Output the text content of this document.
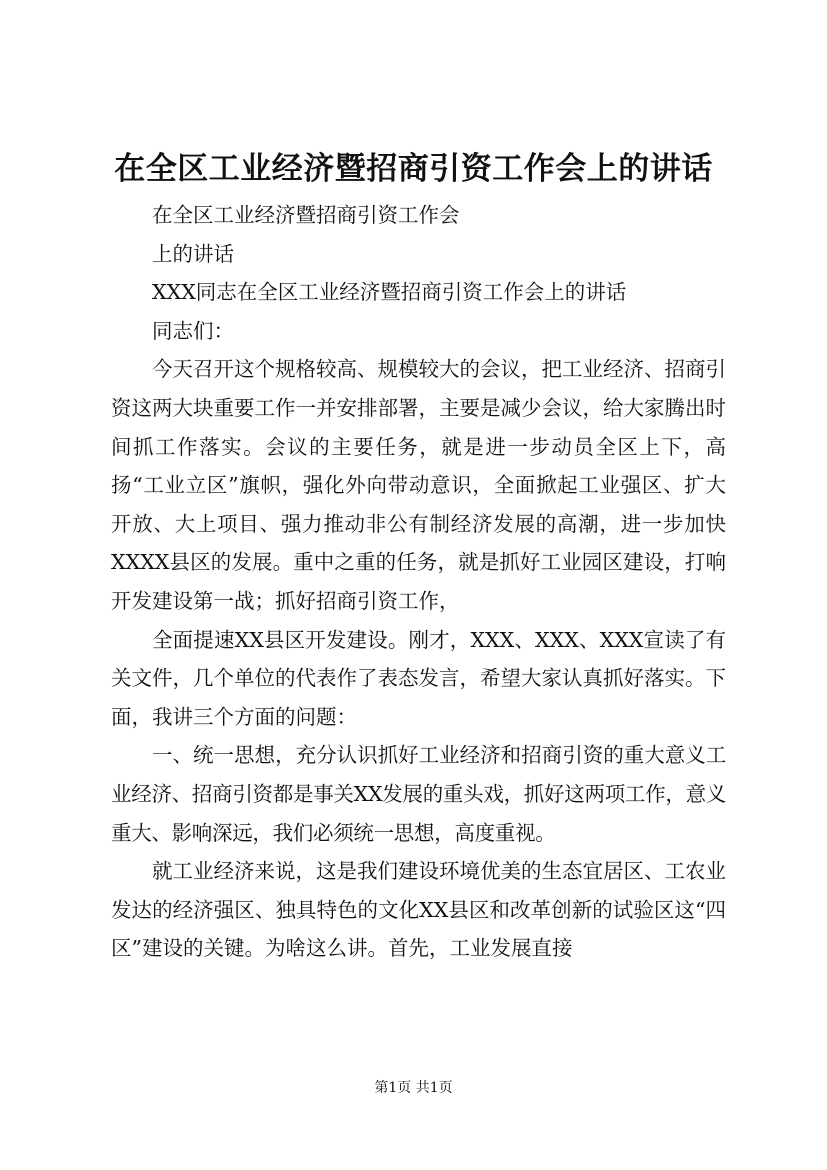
在全区工业经济暨招商引资工作会上的讲话

在全区工业经济暨招商引资工作会

上的讲话

XXX同志在全区工业经济暨招商引资工作会上的讲话

同志们：

今天召开这个规格较高、规模较大的会议，把工业经济、招商引资这两大块重要工作一并安排部署，主要是减少会议，给大家腾出时间抓工作落实。会议的主要任务，就是进一步动员全区上下，高扬“工业立区”旗帜，强化外向带动意识，全面掀起工业强区、扩大开放、大上项目、强力推动非公有制经济发展的高潮，进一步加快XXXX县区的发展。重中之重的任务，就是抓好工业园区建设，打响开发建设第一战；抓好招商引资工作，

全面提速XX县区开发建设。刚才，XXX、XXX、XXX宣读了有关文件，几个单位的代表作了表态发言，希望大家认真抓好落实。下面，我讲三个方面的问题：

一、统一思想，充分认识抓好工业经济和招商引资的重大意义工业经济、招商引资都是事关XX发展的重头戏，抓好这两项工作，意义重大、影响深远，我们必须统一思想，高度重视。

就工业经济来说，这是我们建设环境优美的生态宜居区、工农业发达的经济强区、独具特色的文化XX县区和改革创新的试验区这“四区”建设的关键。为啥这么讲。首先，工业发展直接

第1页 共1页
